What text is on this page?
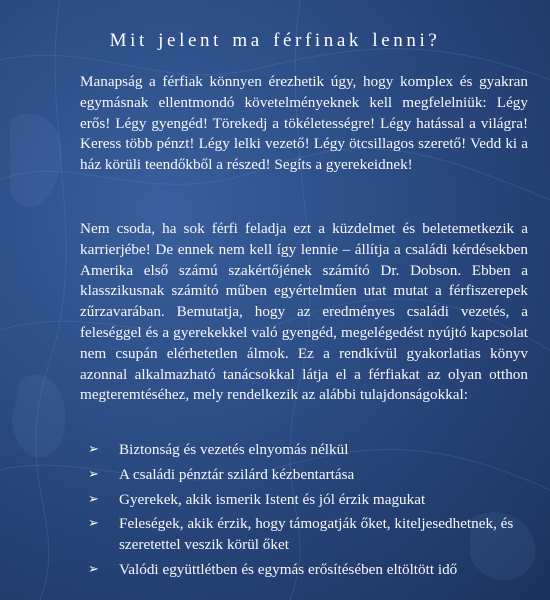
Mit jelent ma férfinak lenni?

Manapság a férfiak könnyen érezhetik úgy, hogy komplex és gyakran egymásnak ellentmondó követelményeknek kell megfelelniük: Légy erős! Légy gyengéd! Törekedj a tökéletességre! Légy hatással a világra! Keress több pénzt! Légy lelki vezető! Légy ötcsillagos szerető! Vedd ki a ház körüli teendőkből a részed! Segíts a gyerekeidnek!

Nem csoda, ha sok férfi feladja ezt a küzdelmet és beletemetkezik a karrierjébe! De ennek nem kell így lennie – állítja a családi kérdésekben Amerika első számú szakértőjének számító Dr. Dobson. Ebben a klasszikusnak számító műben egyértelműen utat mutat a férfiszerepek zűrzavarában. Bemutatja, hogy az eredményes családi vezetés, a feleséggel és a gyerekekkel való gyengéd, megelégedést nyújtó kapcsolat nem csupán elérhetetlen álmok. Ez a rendkívül gyakorlatias könyv azonnal alkalmazható tanácsokkal látja el a férfiakat az olyan otthon megteremtéséhez, mely rendelkezik az alábbi tulajdonságokkal:

➢	Biztonság és vezetés elnyomás nélkül
➢	A családi pénztár szilárd kézbentartása
➢	Gyerekek, akik ismerik Istent és jól érzik magukat
➢	Feleségek, akik érzik, hogy támogatják őket, kiteljesedhetnek, és szeretettel veszik körül őket
➢	Valódi együttlétben és egymás erősítésében eltöltött idő
